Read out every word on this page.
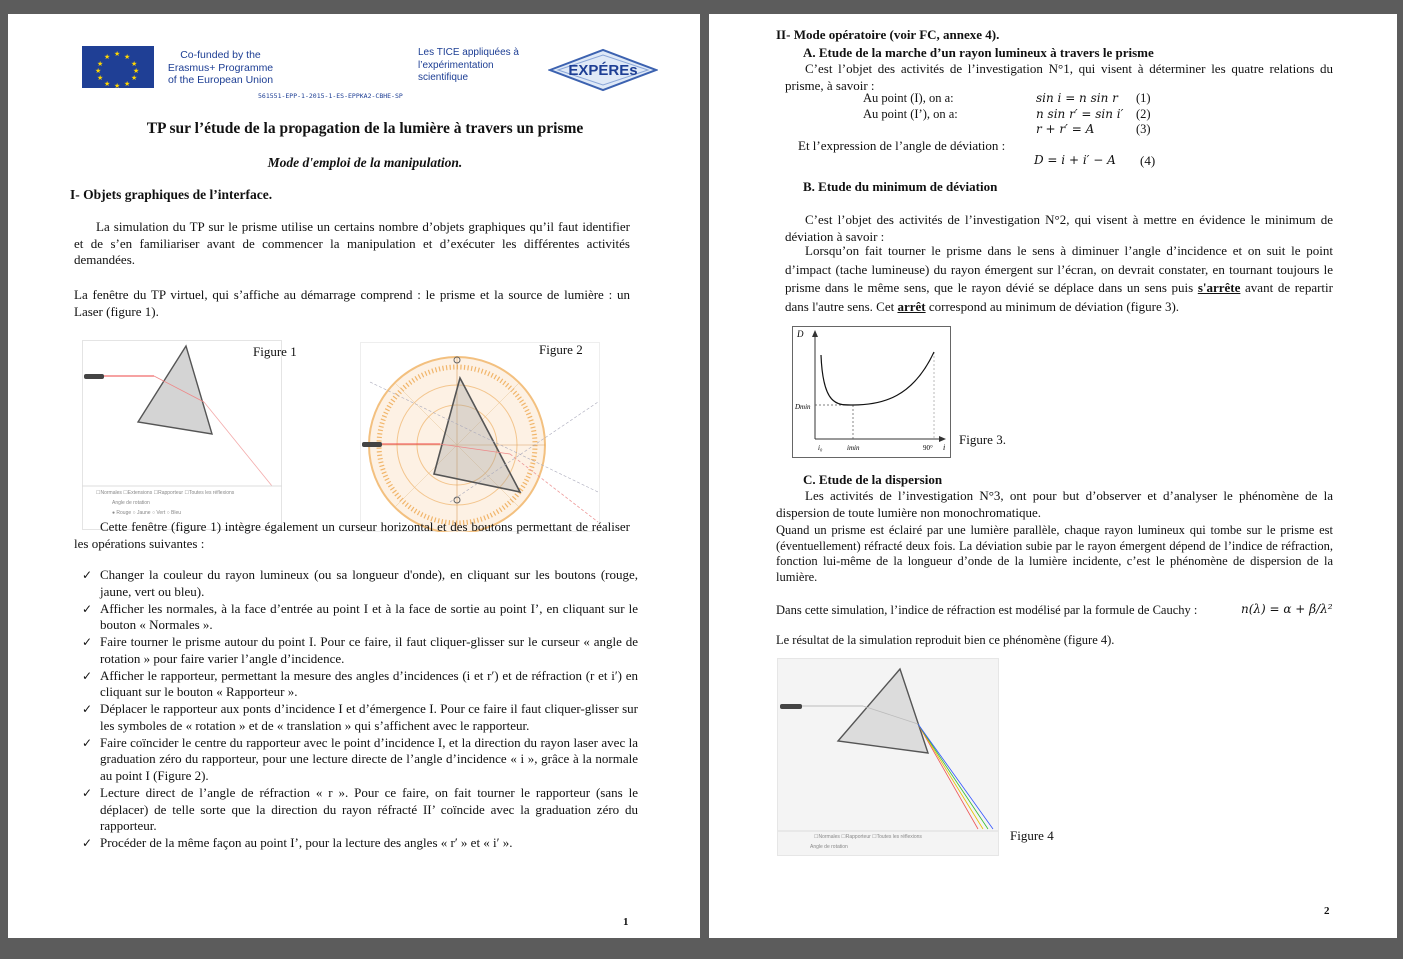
★ ★
★
★
★
★
★
★
★
★
★
★	Co-funded by the
Erasmus+ Programme
of the European Union
Les TICE appliquées à
l’expérimentation
scientifique	EXPÉREs
561551-EPP-1-2015-1-ES-EPPKA2-CBHE-SP
TP sur l’étude de la propagation de la lumière à travers un prisme
Mode d'emploi de la manipulation.
I- Objets graphiques de l’interface.

La simulation du TP sur le prisme utilise un certains nombre d’objets graphiques qu’il faut identifier et de s’en familiariser avant de commencer la manipulation et d’exécuter les différentes activités demandées.

La fenêtre du TP virtuel, qui s’affiche au démarrage comprend : le prisme et la source de lumière : un Laser (figure 1).

☐Normales ☐Extensions ☐Rapporteur ☐Toutes les réflexions
Angle de rotation
● Rouge ○ Jaune ○ Vert ○ Bleu
Figure 1	Figure 2

Cette fenêtre (figure 1) intègre également un curseur horizontal et des boutons permettant de réaliser les opérations suivantes :

✓ Changer la couleur du rayon lumineux (ou sa longueur d'onde), en cliquant sur les boutons (rouge, jaune, vert ou bleu).
✓ Afficher les normales, à la face d’entrée au point I et à la face de sortie au point I’, en cliquant sur le bouton « Normales ».
✓ Faire tourner le prisme autour du point I. Pour ce faire, il faut cliquer-glisser sur le curseur « angle de rotation » pour faire varier l’angle d’incidence.
✓ Afficher le rapporteur, permettant la mesure des angles d’incidences (i et r′) et de réfraction (r et i′) en cliquant sur le bouton « Rapporteur ».
✓ Déplacer le rapporteur aux ponts d’incidence I et d’émergence I. Pour ce faire il faut cliquer-glisser sur les symboles de « rotation » et de « translation » qui s’affichent avec le rapporteur.
✓ Faire coïncider le centre du rapporteur avec le point d’incidence I, et la direction du rayon laser avec la graduation zéro du rapporteur, pour une lecture directe de l’angle d’incidence « i », grâce à la normale au point I (Figure 2).
✓ Lecture direct de l’angle de réfraction « r ». Pour ce faire, on fait tourner le rapporteur (sans le déplacer) de telle sorte que la direction du rayon réfracté II’ coïncide avec la graduation zéro du rapporteur.
✓ Procéder de la même façon au point I’, pour la lecture des angles « r′ » et « i′ ».
1
II- Mode opératoire (voir FC, annexe 4).
A. Etude de la marche d’un rayon lumineux à travers le prisme

C’est l’objet des activités de l’investigation N°1, qui visent à déterminer les quatre relations du prisme, à savoir :

Au point (I), on a:	sin i = n sin r	(1)
Au point (I’), on a:	n sin r′ = sin i′	(2)
	r + r′ = A	(3)
Et l’expression de l’angle de déviation :
D = i + i′ − A (4)
B. Etude du minimum de déviation

C’est l’objet des activités de l’investigation N°2, qui visent à mettre en évidence le minimum de déviation à savoir :

Lorsqu’on fait tourner le prisme dans le sens à diminuer l’angle d’incidence et on suit le point d’impact (tache lumineuse) du rayon émergent sur l’écran, on devrait constater, en tournant toujours le prisme dans le même sens, que le rayon dévié se déplace dans un sens puis s'arrête avant de repartir dans l'autre sens. Cet arrêt correspond au minimum de déviation (figure 3).

D
Dmin
i₀	imin	90° i
Figure 3.
C. Etude de la dispersion

Les activités de l’investigation N°3, ont pour but d’observer et d’analyser le phénomène de la dispersion de toute lumière non monochromatique.

Quand un prisme est éclairé par une lumière parallèle, chaque rayon lumineux qui tombe sur le prisme est (éventuellement) réfracté deux fois. La déviation subie par le rayon émergent dépend de l’indice de réfraction, fonction lui-même de la longueur d’onde de la lumière incidente, c’est le phénomène de dispersion de la lumière.

Dans cette simulation, l’indice de réfraction est modélisé par la formule de Cauchy :	n(λ) = α + β/λ²
Le résultat de la simulation reproduit bien ce phénomène (figure 4).
☐Normales ☐Rapporteur ☐Toutes les réflexions
Angle de rotation
Figure 4
2
